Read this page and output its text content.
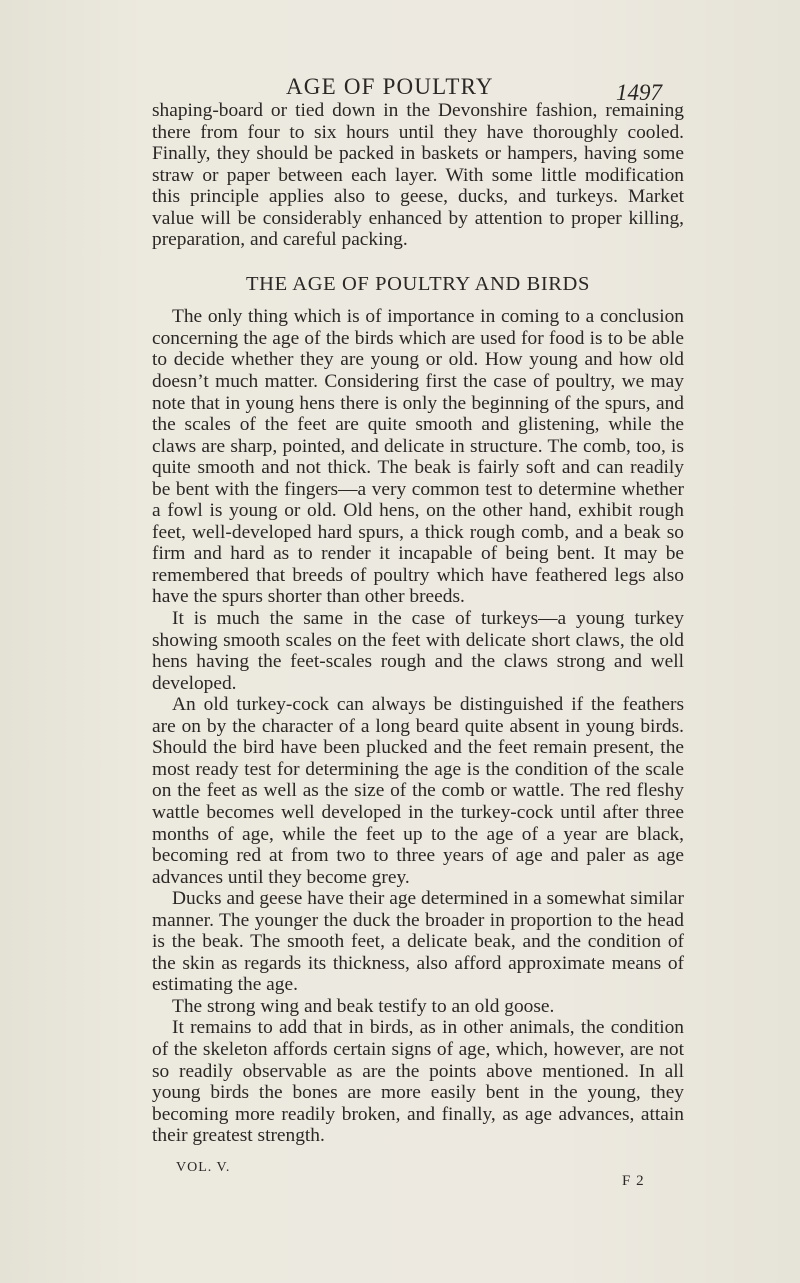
AGE OF POULTRY	1497

shaping-board or tied down in the Devonshire fashion, remaining there from four to six hours until they have thoroughly cooled. Finally, they should be packed in baskets or hampers, having some straw or paper between each layer. With some little modification this principle applies also to geese, ducks, and turkeys. Market value will be considerably enhanced by attention to proper killing, preparation, and careful packing.

THE AGE OF POULTRY AND BIRDS

The only thing which is of importance in coming to a conclusion concerning the age of the birds which are used for food is to be able to decide whether they are young or old. How young and how old doesn’t much matter. Considering first the case of poultry, we may note that in young hens there is only the beginning of the spurs, and the scales of the feet are quite smooth and glistening, while the claws are sharp, pointed, and delicate in structure. The comb, too, is quite smooth and not thick. The beak is fairly soft and can readily be bent with the fingers—a very common test to determine whether a fowl is young or old. Old hens, on the other hand, exhibit rough feet, well-developed hard spurs, a thick rough comb, and a beak so firm and hard as to render it incapable of being bent. It may be remembered that breeds of poultry which have feathered legs also have the spurs shorter than other breeds.

It is much the same in the case of turkeys—a young turkey showing smooth scales on the feet with delicate short claws, the old hens having the feet-scales rough and the claws strong and well developed.

An old turkey-cock can always be distinguished if the feathers are on by the character of a long beard quite absent in young birds. Should the bird have been plucked and the feet remain present, the most ready test for determining the age is the condition of the scale on the feet as well as the size of the comb or wattle. The red fleshy wattle becomes well developed in the turkey-cock until after three months of age, while the feet up to the age of a year are black, becoming red at from two to three years of age and paler as age advances until they become grey.

Ducks and geese have their age determined in a somewhat similar manner. The younger the duck the broader in proportion to the head is the beak. The smooth feet, a delicate beak, and the condition of the skin as regards its thickness, also afford approximate means of estimating the age.

The strong wing and beak testify to an old goose.

It remains to add that in birds, as in other animals, the condition of the skeleton affords certain signs of age, which, however, are not so readily observable as are the points above mentioned. In all young birds the bones are more easily bent in the young, they becoming more readily broken, and finally, as age advances, attain their greatest strength.

VOL. V.
F 2
